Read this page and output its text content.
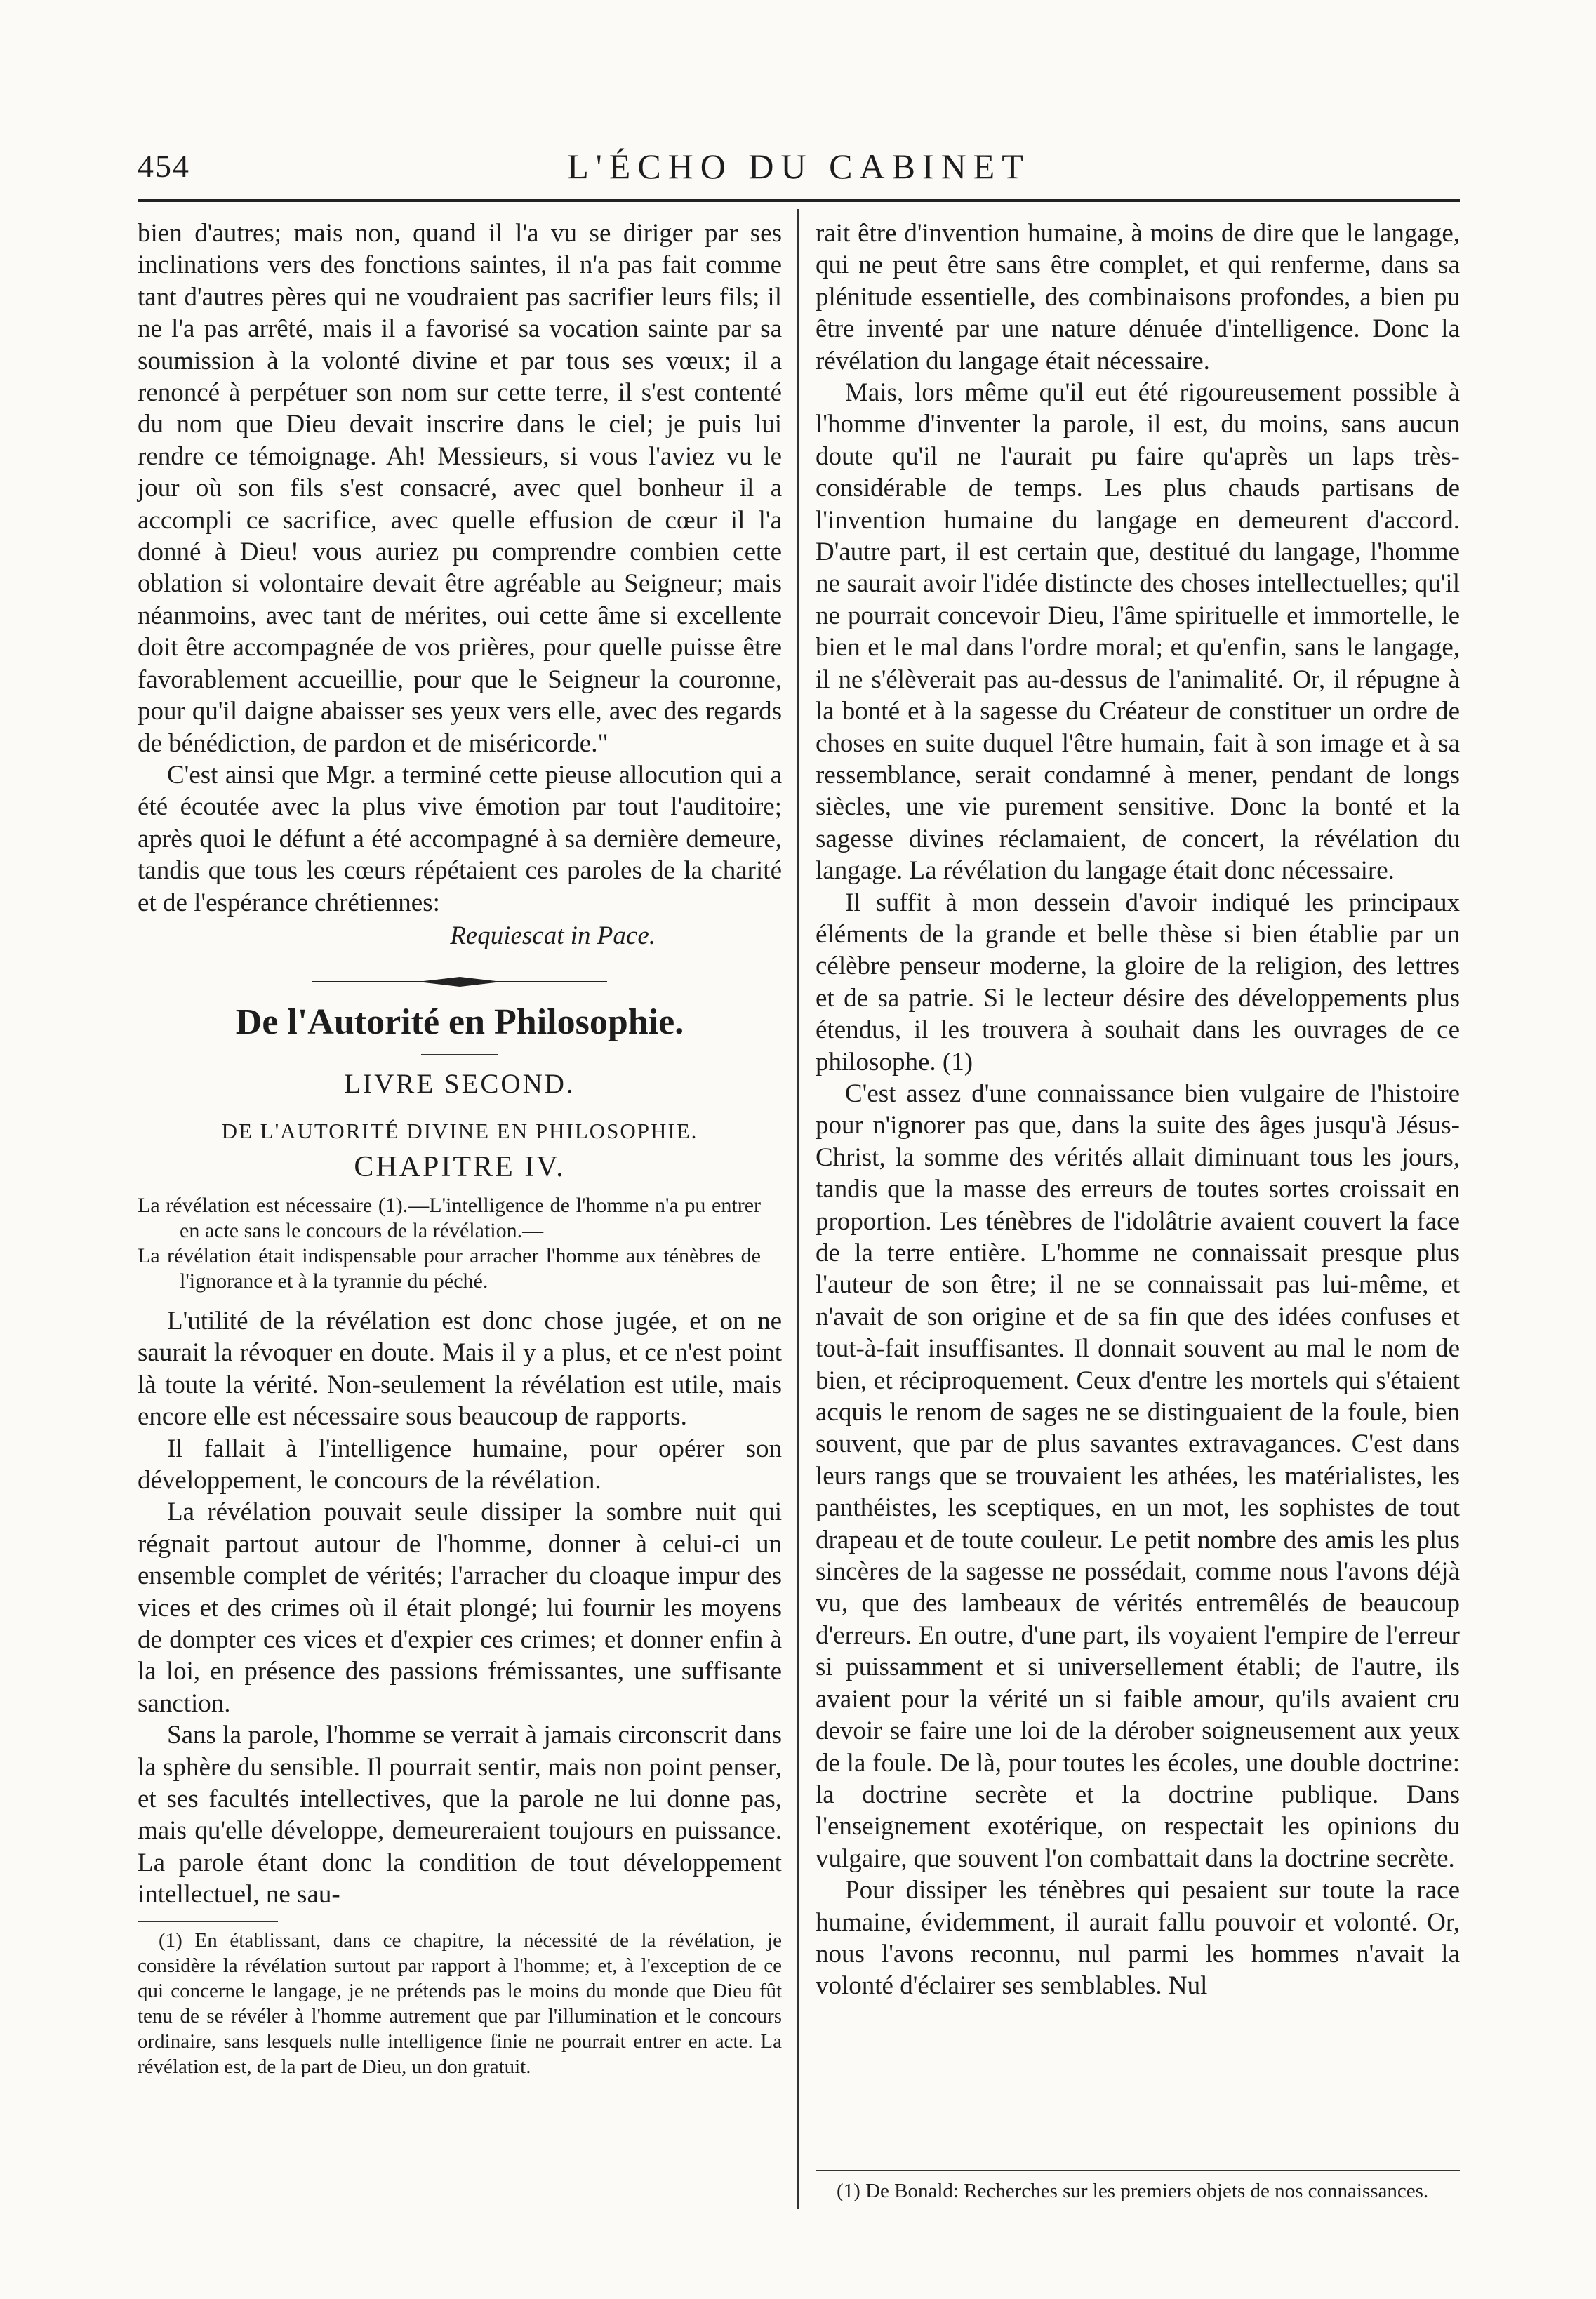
454	L'ÉCHO DU CABINET

bien d'autres; mais non, quand il l'a vu se diriger par ses inclinations vers des fonctions saintes, il n'a pas fait comme tant d'autres pères qui ne voudraient pas sacrifier leurs fils; il ne l'a pas arrêté, mais il a favorisé sa vocation sainte par sa soumission à la volonté divine et par tous ses vœux; il a renoncé à perpétuer son nom sur cette terre, il s'est contenté du nom que Dieu devait inscrire dans le ciel; je puis lui rendre ce témoignage. Ah! Messieurs, si vous l'aviez vu le jour où son fils s'est consacré, avec quel bonheur il a accompli ce sacrifice, avec quelle effusion de cœur il l'a donné à Dieu! vous auriez pu comprendre combien cette oblation si volontaire devait être agréable au Seigneur; mais néanmoins, avec tant de mérites, oui cette âme si excellente doit être accompagnée de vos prières, pour quelle puisse être favorablement accueillie, pour que le Seigneur la couronne, pour qu'il daigne abaisser ses yeux vers elle, avec des regards de bénédiction, de pardon et de miséricorde."

C'est ainsi que Mgr. a terminé cette pieuse allocution qui a été écoutée avec la plus vive émotion par tout l'auditoire; après quoi le défunt a été accompagné à sa dernière demeure, tandis que tous les cœurs répétaient ces paroles de la charité et de l'espérance chrétiennes:

Requiescat in Pace.
De l'Autorité en Philosophie.
LIVRE SECOND.
DE L'AUTORITÉ DIVINE EN PHILOSOPHIE.
CHAPITRE IV.
La révélation est nécessaire (1).—L'intelligence de l'homme n'a pu entrer en acte sans le concours de la révélation.—
La révélation était indispensable pour arracher l'homme aux ténèbres de l'ignorance et à la tyrannie du péché.

L'utilité de la révélation est donc chose jugée, et on ne saurait la révoquer en doute. Mais il y a plus, et ce n'est point là toute la vérité. Non-seulement la révélation est utile, mais encore elle est nécessaire sous beaucoup de rapports.

Il fallait à l'intelligence humaine, pour opérer son développement, le concours de la révélation.

La révélation pouvait seule dissiper la sombre nuit qui régnait partout autour de l'homme, donner à celui-ci un ensemble complet de vérités; l'arracher du cloaque impur des vices et des crimes où il était plongé; lui fournir les moyens de dompter ces vices et d'expier ces crimes; et donner enfin à la loi, en présence des passions frémissantes, une suffisante sanction.

Sans la parole, l'homme se verrait à jamais circonscrit dans la sphère du sensible. Il pourrait sentir, mais non point penser, et ses facultés intellectives, que la parole ne lui donne pas, mais qu'elle développe, demeureraient toujours en puissance. La parole étant donc la condition de tout développement intellectuel, ne sau-

(1) En établissant, dans ce chapitre, la nécessité de la révélation, je considère la révélation surtout par rapport à l'homme; et, à l'exception de ce qui concerne le langage, je ne prétends pas le moins du monde que Dieu fût tenu de se révéler à l'homme autrement que par l'illumination et le concours ordinaire, sans lesquels nulle intelligence finie ne pourrait entrer en acte. La révélation est, de la part de Dieu, un don gratuit.

rait être d'invention humaine, à moins de dire que le langage, qui ne peut être sans être complet, et qui renferme, dans sa plénitude essentielle, des combinaisons profondes, a bien pu être inventé par une nature dénuée d'intelligence. Donc la révélation du langage était nécessaire.

Mais, lors même qu'il eut été rigoureusement possible à l'homme d'inventer la parole, il est, du moins, sans aucun doute qu'il ne l'aurait pu faire qu'après un laps très-considérable de temps. Les plus chauds partisans de l'invention humaine du langage en demeurent d'accord. D'autre part, il est certain que, destitué du langage, l'homme ne saurait avoir l'idée distincte des choses intellectuelles; qu'il ne pourrait concevoir Dieu, l'âme spirituelle et immortelle, le bien et le mal dans l'ordre moral; et qu'enfin, sans le langage, il ne s'élèverait pas au-dessus de l'animalité. Or, il répugne à la bonté et à la sagesse du Créateur de constituer un ordre de choses en suite duquel l'être humain, fait à son image et à sa ressemblance, serait condamné à mener, pendant de longs siècles, une vie purement sensitive. Donc la bonté et la sagesse divines réclamaient, de concert, la révélation du langage. La révélation du langage était donc nécessaire.

Il suffit à mon dessein d'avoir indiqué les principaux éléments de la grande et belle thèse si bien établie par un célèbre penseur moderne, la gloire de la religion, des lettres et de sa patrie. Si le lecteur désire des développements plus étendus, il les trouvera à souhait dans les ouvrages de ce philosophe. (1)

C'est assez d'une connaissance bien vulgaire de l'histoire pour n'ignorer pas que, dans la suite des âges jusqu'à Jésus-Christ, la somme des vérités allait diminuant tous les jours, tandis que la masse des erreurs de toutes sortes croissait en proportion. Les ténèbres de l'idolâtrie avaient couvert la face de la terre entière. L'homme ne connaissait presque plus l'auteur de son être; il ne se connaissait pas lui-même, et n'avait de son origine et de sa fin que des idées confuses et tout-à-fait insuffisantes. Il donnait souvent au mal le nom de bien, et réciproquement. Ceux d'entre les mortels qui s'étaient acquis le renom de sages ne se distinguaient de la foule, bien souvent, que par de plus savantes extravagances. C'est dans leurs rangs que se trouvaient les athées, les matérialistes, les panthéistes, les sceptiques, en un mot, les sophistes de tout drapeau et de toute couleur. Le petit nombre des amis les plus sincères de la sagesse ne possédait, comme nous l'avons déjà vu, que des lambeaux de vérités entremêlés de beaucoup d'erreurs. En outre, d'une part, ils voyaient l'empire de l'erreur si puissamment et si universellement établi; de l'autre, ils avaient pour la vérité un si faible amour, qu'ils avaient cru devoir se faire une loi de la dérober soigneusement aux yeux de la foule. De là, pour toutes les écoles, une double doctrine: la doctrine secrète et la doctrine publique. Dans l'enseignement exotérique, on respectait les opinions du vulgaire, que souvent l'on combattait dans la doctrine secrète.

Pour dissiper les ténèbres qui pesaient sur toute la race humaine, évidemment, il aurait fallu pouvoir et volonté. Or, nous l'avons reconnu, nul parmi les hommes n'avait la volonté d'éclairer ses semblables. Nul

(1) De Bonald: Recherches sur les premiers objets de nos connaissances.
